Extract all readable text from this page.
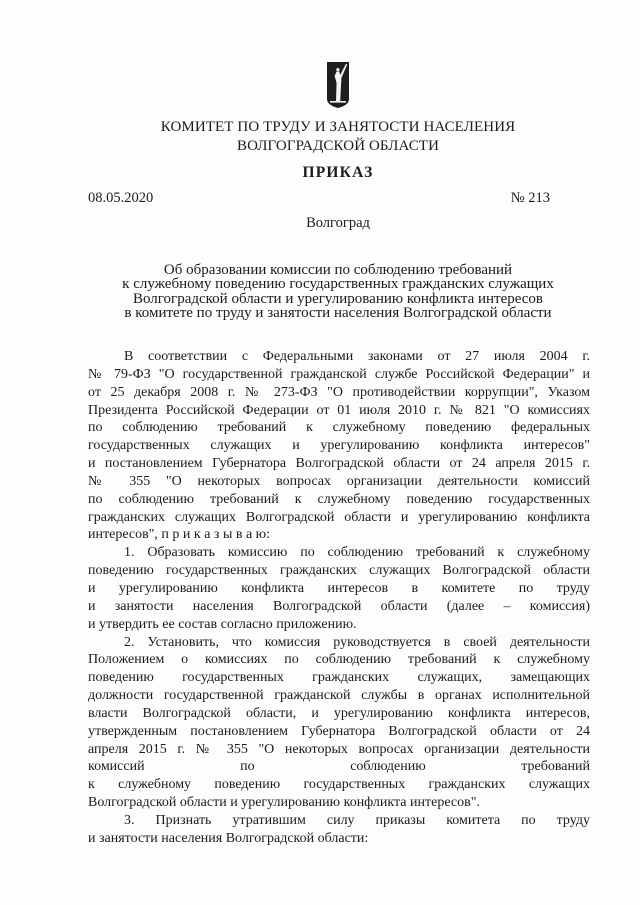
КОМИТЕТ ПО ТРУДУ И ЗАНЯТОСТИ НАСЕЛЕНИЯ
ВОЛГОГРАДСКОЙ ОБЛАСТИ
ПРИКАЗ
08.05.2020	№ 213
Волгоград
Об образовании комиссии по соблюдению требований
к служебному поведению государственных гражданских служащих
Волгоградской области и урегулированию конфликта интересов
в комитете по труду и занятости населения Волгоградской области
В соответствии с Федеральными законами от 27 июля 2004 г.
№ 79-ФЗ "О государственной гражданской службе Российской Федерации" и
от 25 декабря 2008 г. № 273-ФЗ "О противодействии коррупции", Указом
Президента Российской Федерации от 01 июля 2010 г. № 821 "О комиссиях
по соблюдению требований к служебному поведению федеральных
государственных служащих и урегулированию конфликта интересов"
и постановлением Губернатора Волгоградской области от 24 апреля 2015 г.
№ 355 "О некоторых вопросах организации деятельности комиссий
по соблюдению требований к служебному поведению государственных
гражданских служащих Волгоградской области и урегулированию конфликта
интересов", п р и к а з ы в а ю:
1. Образовать комиссию по соблюдению требований к служебному
поведению государственных гражданских служащих Волгоградской области
и урегулированию конфликта интересов в комитете по труду
и занятости населения Волгоградской области (далее – комиссия)
и утвердить ее состав согласно приложению.
2. Установить, что комиссия руководствуется в своей деятельности
Положением о комиссиях по соблюдению требований к служебному
поведению государственных гражданских служащих, замещающих
должности государственной гражданской службы в органах исполнительной
власти Волгоградской области, и урегулированию конфликта интересов,
утвержденным постановлением Губернатора Волгоградской области от 24
апреля 2015 г. № 355 "О некоторых вопросах организации деятельности
комиссий по соблюдению требований
к служебному поведению государственных гражданских служащих
Волгоградской области и урегулированию конфликта интересов".
3. Признать утратившим силу приказы комитета по труду
и занятости населения Волгоградской области:
